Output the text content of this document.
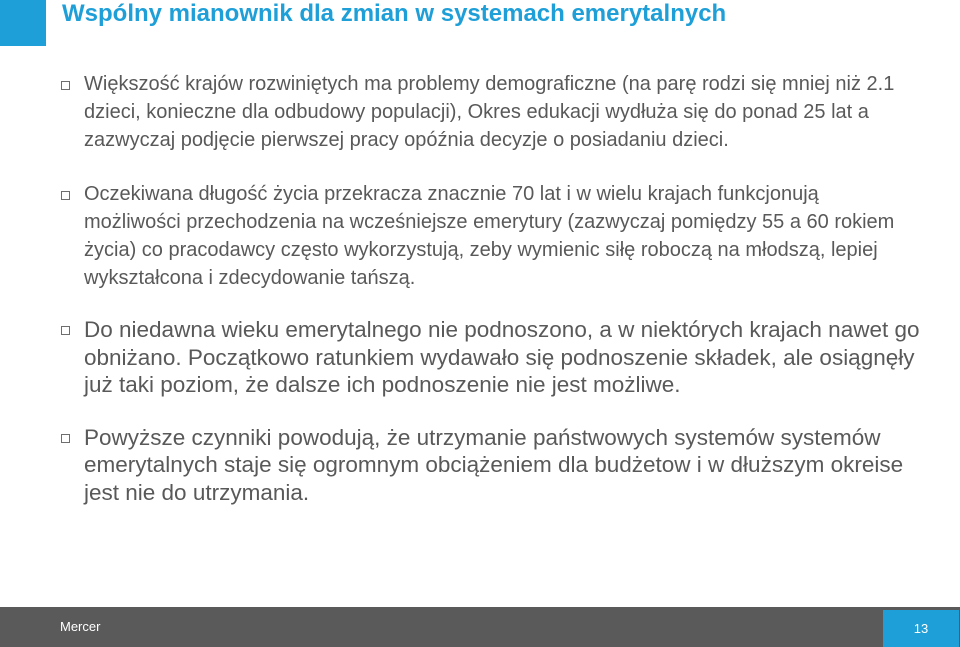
Wspólny mianownik dla zmian w systemach emerytalnych
Większość krajów rozwiniętych ma problemy demograficzne (na parę rodzi się mniej niż 2.1 dzieci, konieczne dla odbudowy populacji), Okres edukacji wydłuża się do ponad 25 lat a zazwyczaj podjęcie pierwszej pracy opóźnia decyzje o posiadaniu dzieci.
Oczekiwana długość życia przekracza znacznie 70 lat i w wielu krajach funkcjonują możliwości przechodzenia na wcześniejsze emerytury (zazwyczaj pomiędzy 55 a 60 rokiem życia) co pracodawcy często wykorzystują, zeby wymienic siłę roboczą na młodszą, lepiej wykształcona i zdecydowanie tańszą.
Do niedawna wieku emerytalnego nie podnoszono, a w niektórych krajach nawet go obniżano. Początkowo ratunkiem wydawało się podnoszenie składek, ale osiągnęły już taki poziom, że dalsze ich podnoszenie nie jest możliwe.
Powyższe czynniki powodują, że utrzymanie państwowych systemów systemów emerytalnych staje się ogromnym obciążeniem dla budżetow i w dłuższym okreise jest nie do utrzymania.
Mercer	13
